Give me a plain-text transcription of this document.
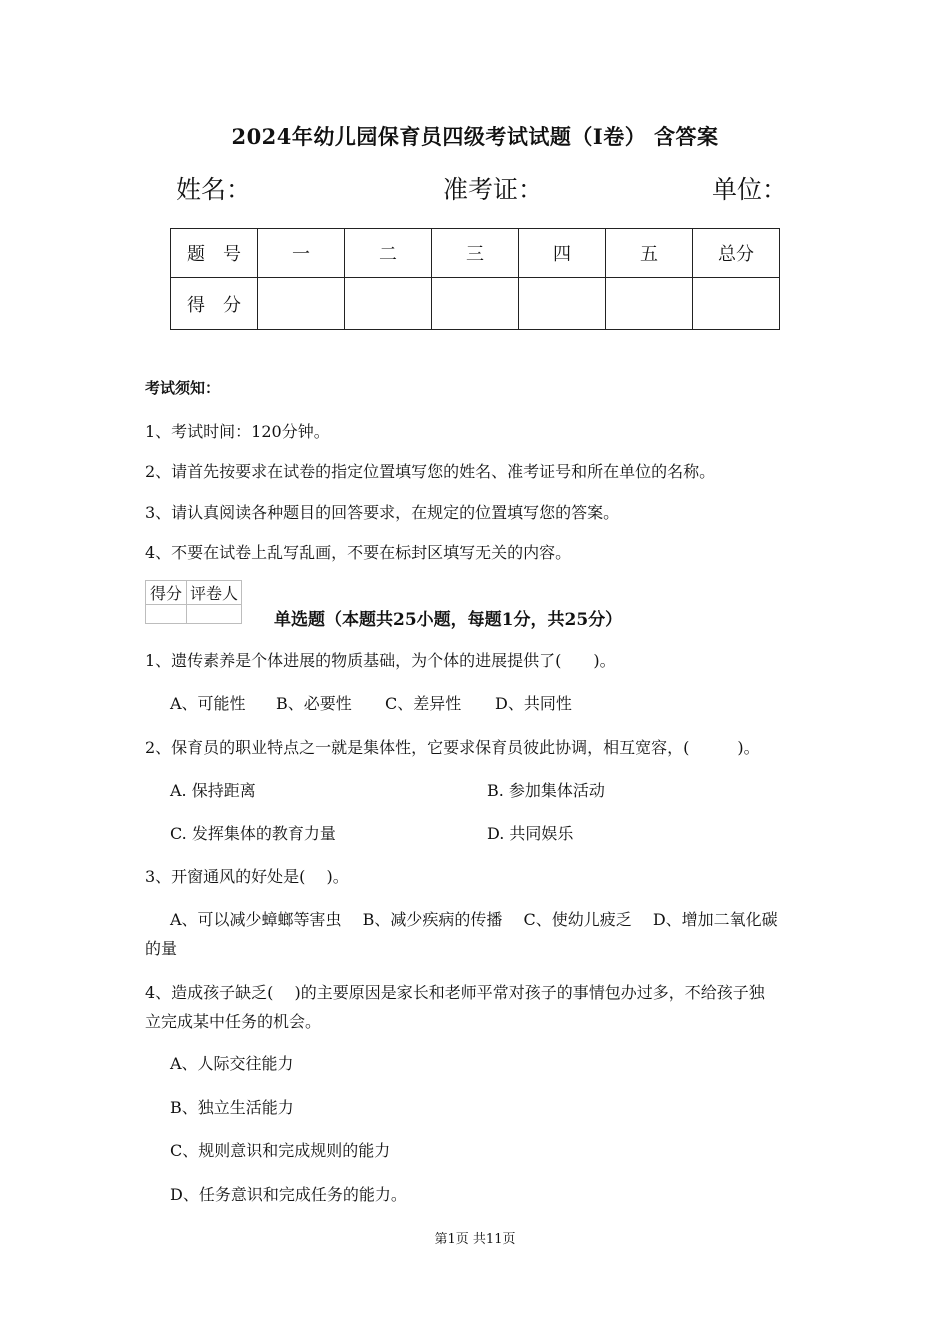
2024年幼儿园保育员四级考试试题（I卷） 含答案
姓名：	准考证：	单位：
题　号	一	二	三	四	五	总分
得　分						
考试须知：
1、考试时间：120分钟。
2、请首先按要求在试卷的指定位置填写您的姓名、准考证号和所在单位的名称。
3、请认真阅读各种题目的回答要求，在规定的位置填写您的答案。
4、不要在试卷上乱写乱画，不要在标封区填写无关的内容。
得分	评卷人

单选题（本题共25小题，每题1分，共25分）
1、遗传素养是个体进展的物质基础，为个体的进展提供了(　　)。
A、可能性 B、必要性 C、差异性 D、共同性
2、保育员的职业特点之一就是集体性，它要求保育员彼此协调，相互宽容，(　　　)。
A. 保持距离	B. 参加集体活动
C. 发挥集体的教育力量	D. 共同娱乐
3、开窗通风的好处是(　 )。
A、可以减少蟑螂等害虫　 B、减少疾病的传播　 C、使幼儿疲乏　 D、增加二氧化碳
的量
4、造成孩子缺乏(　 )的主要原因是家长和老师平常对孩子的事情包办过多，不给孩子独
立完成某中任务的机会。
A、人际交往能力
B、独立生活能力
C、规则意识和完成规则的能力
D、任务意识和完成任务的能力。
第1页 共11页
